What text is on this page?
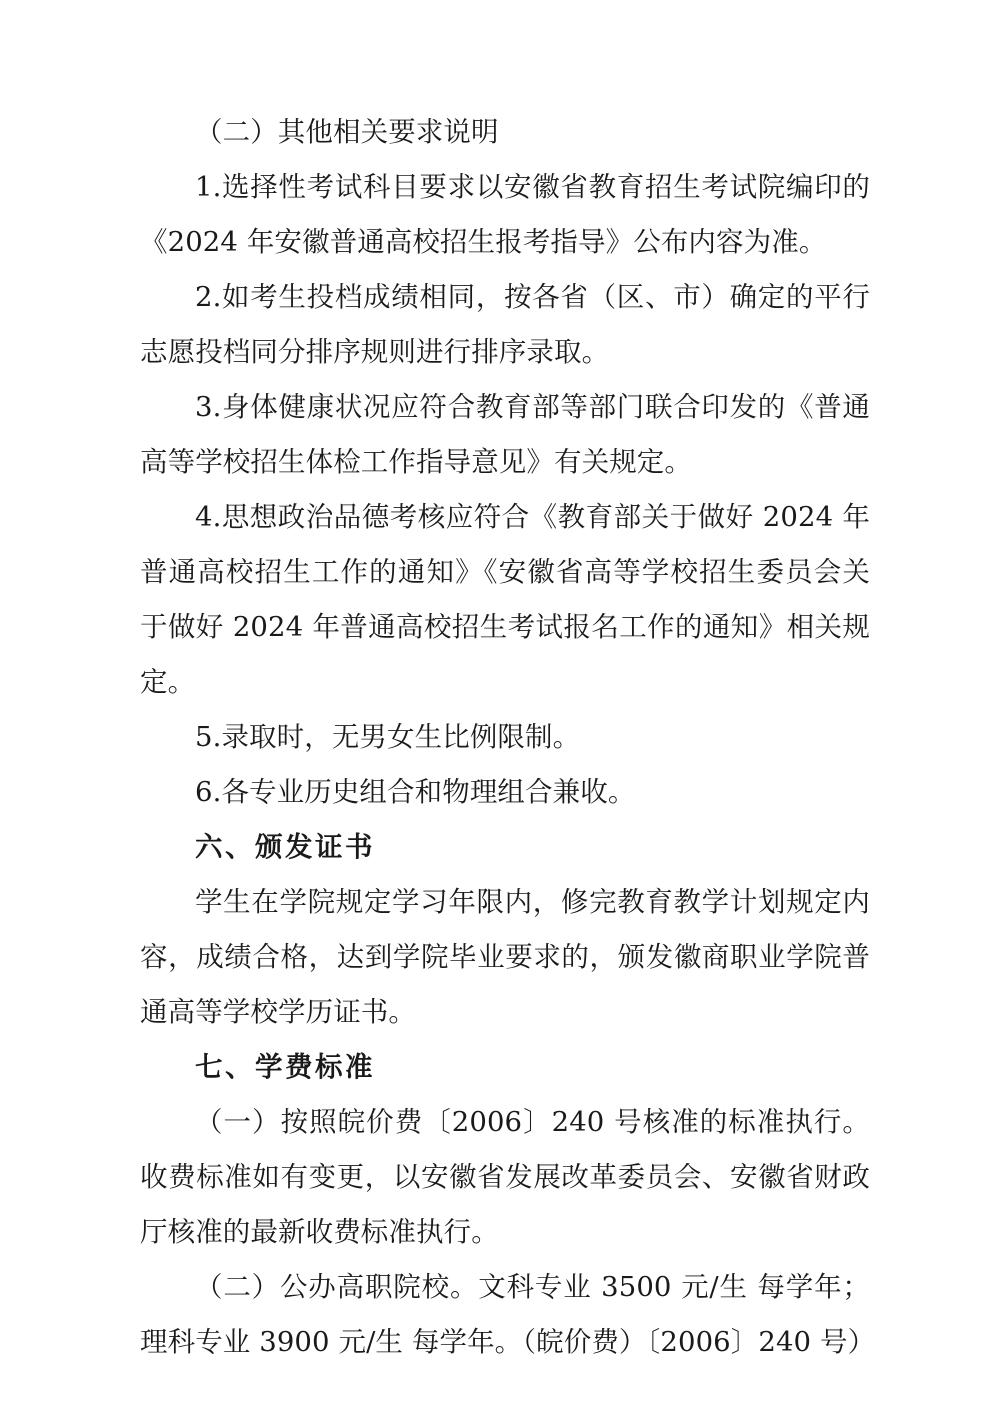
（二）其他相关要求说明

1.选择性考试科目要求以安徽省教育招生考试院编印的《2024 年安徽普通高校招生报考指导》公布内容为准。

2.如考生投档成绩相同，按各省（区、市）确定的平行志愿投档同分排序规则进行排序录取。

3.身体健康状况应符合教育部等部门联合印发的《普通高等学校招生体检工作指导意见》有关规定。

4.思想政治品德考核应符合《教育部关于做好 2024 年普通高校招生工作的通知》《安徽省高等学校招生委员会关于做好 2024 年普通高校招生考试报名工作的通知》相关规定。

5.录取时，无男女生比例限制。

6.各专业历史组合和物理组合兼收。

六、颁发证书

学生在学院规定学习年限内，修完教育教学计划规定内容，成绩合格，达到学院毕业要求的，颁发徽商职业学院普通高等学校学历证书。

七、学费标准

（一）按照皖价费〔2006〕240 号核准的标准执行。收费标准如有变更，以安徽省发展改革委员会、安徽省财政厅核准的最新收费标准执行。

（二）公办高职院校。文科专业 3500 元/生 每学年；理科专业 3900 元/生 每学年。（皖价费）〔2006〕240 号）
